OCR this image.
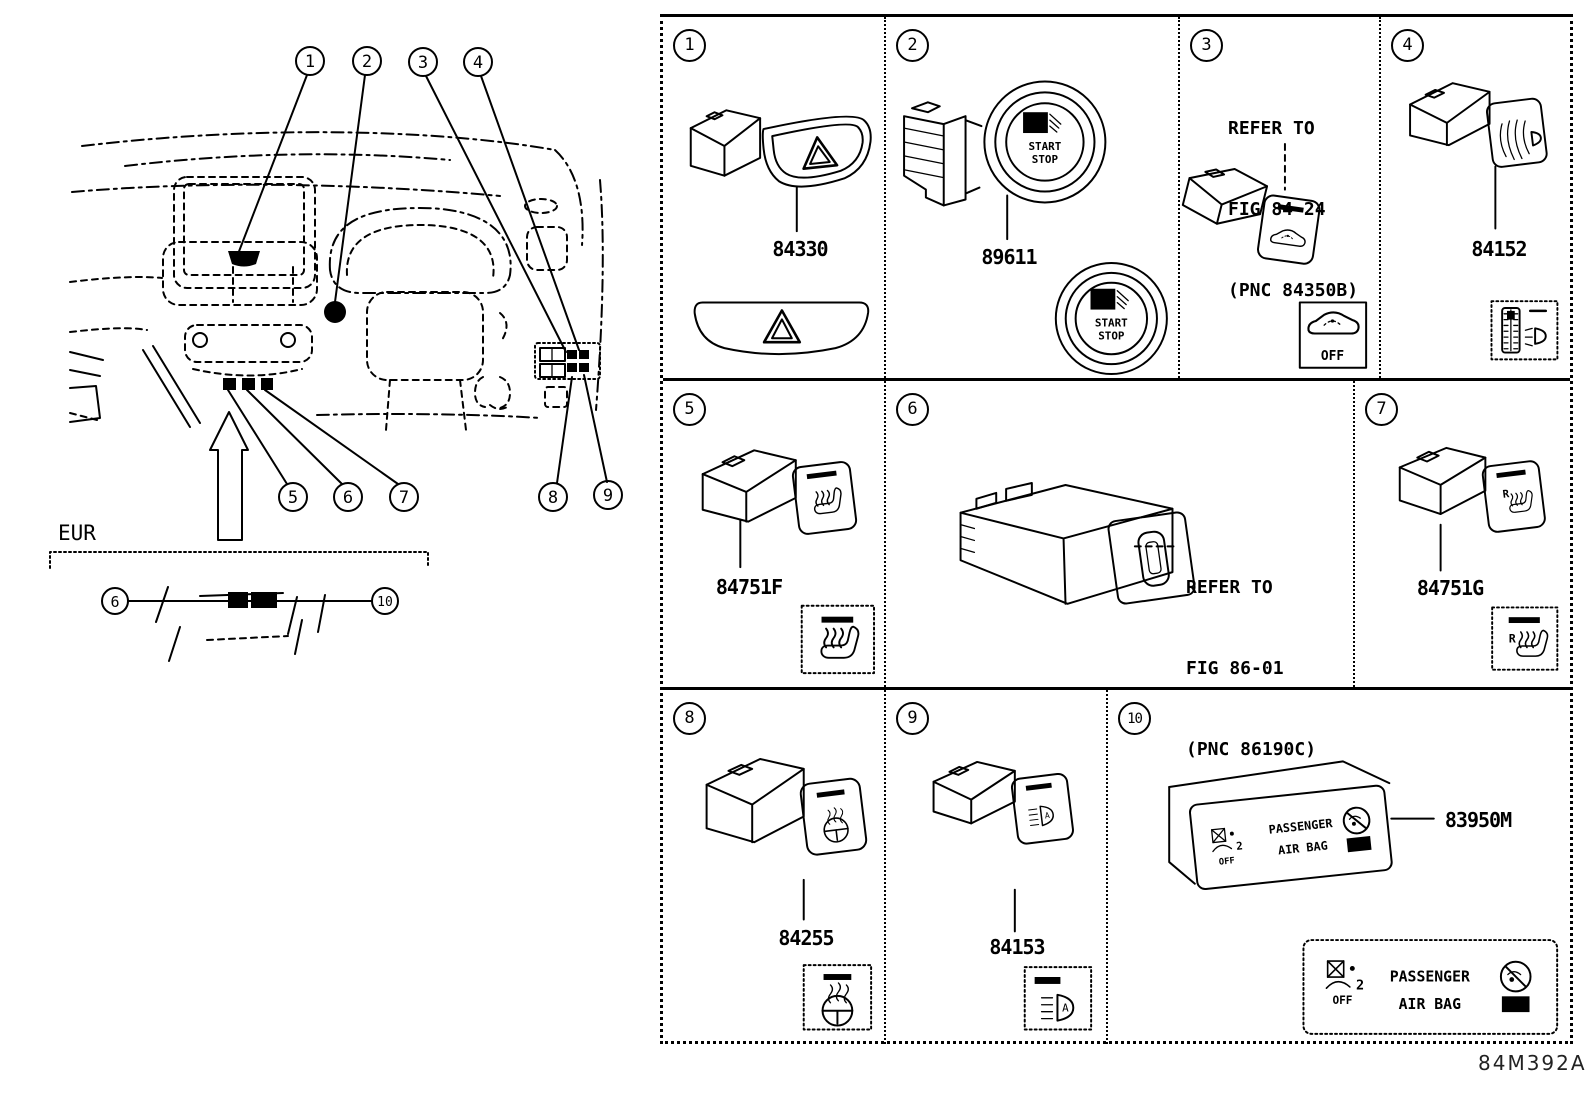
1	2	3	4
5	6	7	8	9
EUR
6	10
1
84330
GR
START
STOP
GR
START
STOP
2
89611
OFF
3

REFER TO

FIG 84-24

(PNC 84350B)

4
84152
5
84751F
6

REFER TO

FIG 86-01

(PNC 86190C)

R
R
7
84751G
8
84255
A
A
9
84153
2
OFF
PASSENGER
AIR BAG ON
2
OFF
PASSENGER
AIR BAG	ON
10
83950M
84M392A
